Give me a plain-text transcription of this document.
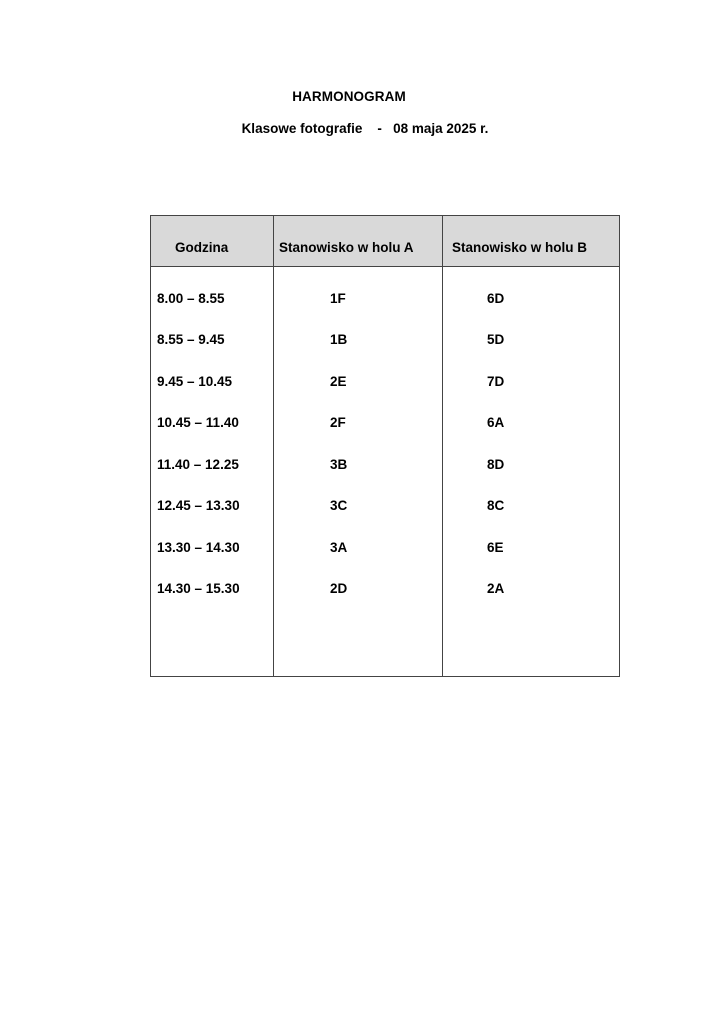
HARMONOGRAM
Klasowe fotografie    -   08 maja 2025 r.
Godzina	Stanowisko w holu A	Stanowisko w holu B
8.00 – 8.55	1F	6D
8.55 – 9.45	1B	5D
9.45 – 10.45	2E	7D
10.45 – 11.40	2F	6A
11.40 – 12.25	3B	8D
12.45 – 13.30	3C	8C
13.30 – 14.30	3A	6E
14.30 – 15.30	2D	2A
